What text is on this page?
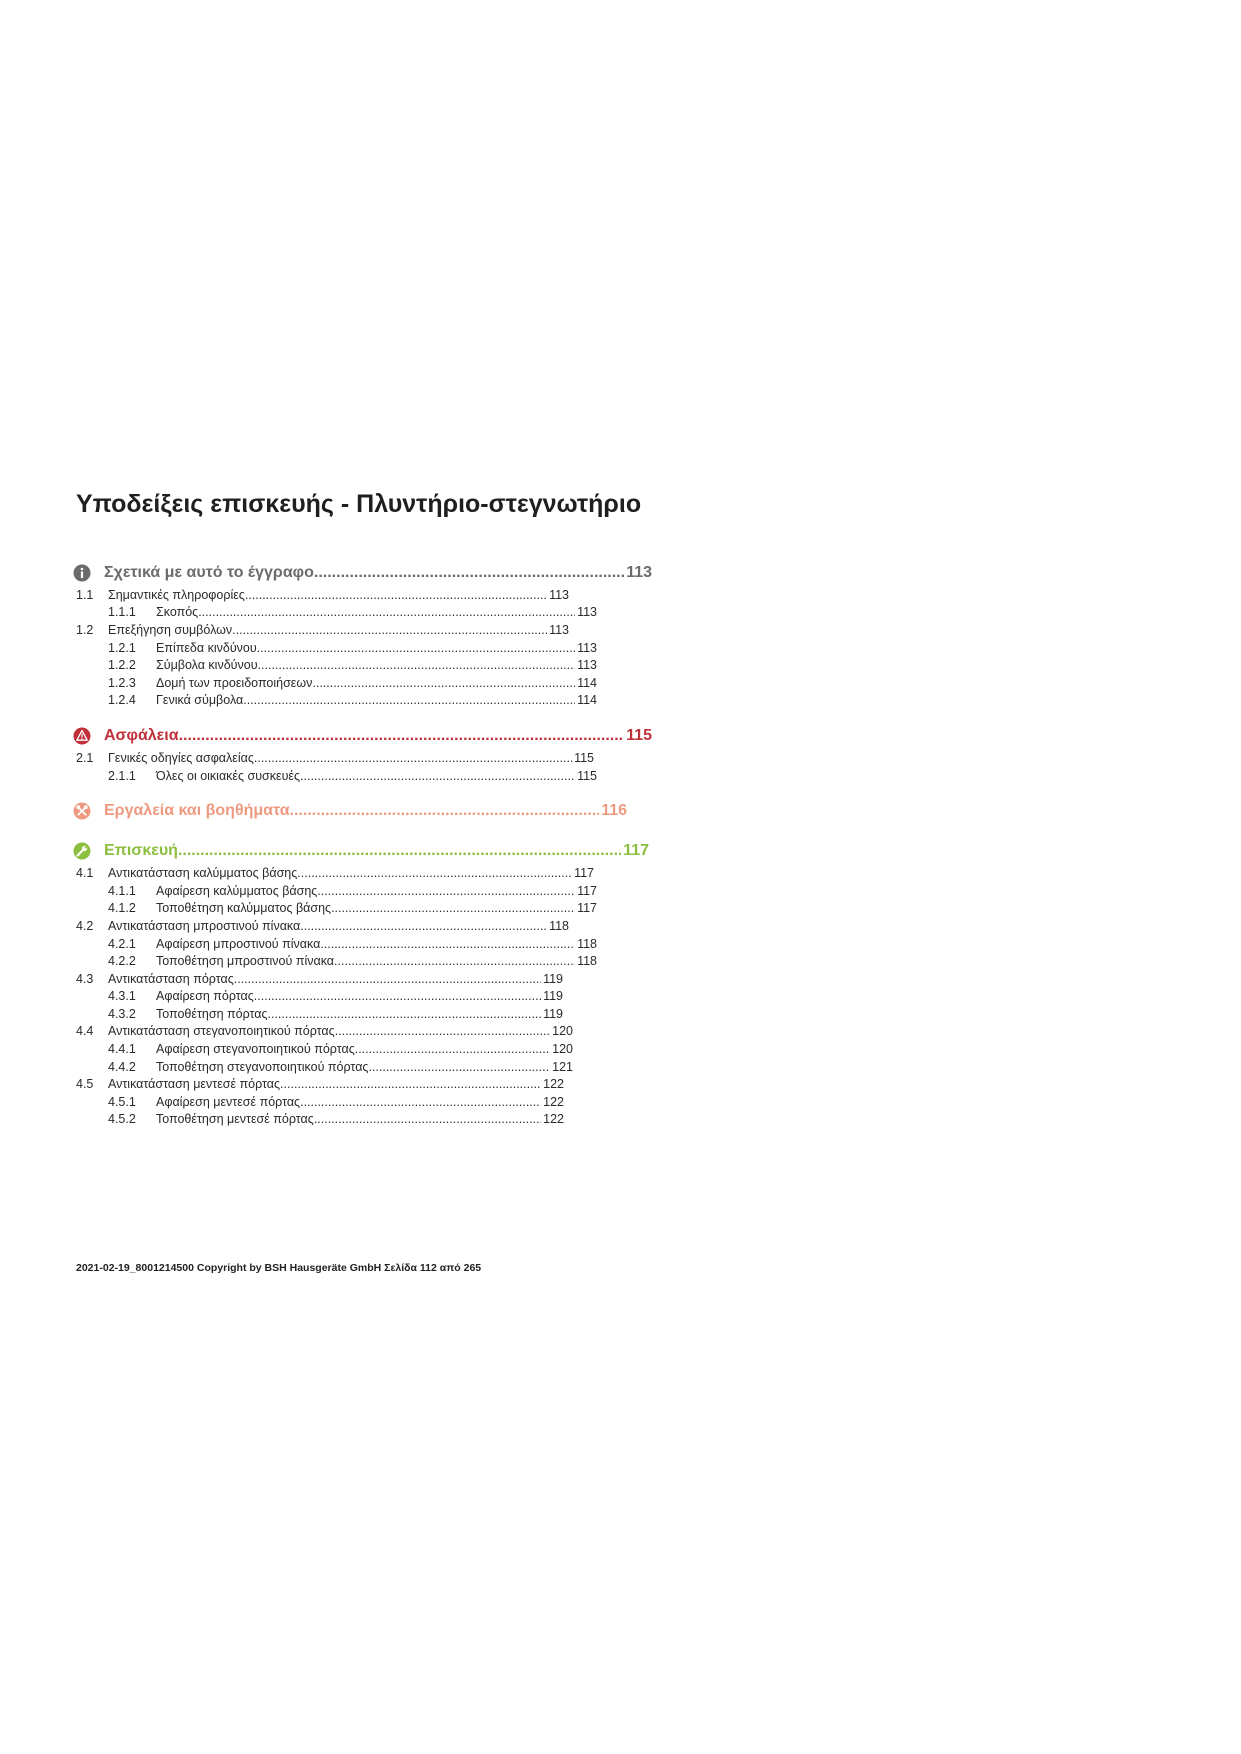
Υποδείξεις επισκευής - Πλυντήριο-στεγνωτήριο
Σχετικά με αυτό το έγγραφο .....	113
1.1	Σημαντικές πληροφορίες .....	113
1.1.1	Σκοπός .....	113
1.2	Επεξήγηση συμβόλων .....	113
1.2.1	Επίπεδα κινδύνου .....	113
1.2.2	Σύμβολα κινδύνου .....	113
1.2.3	Δομή των προειδοποιήσεων .....	114
1.2.4	Γενικά σύμβολα .....	114
Ασφάλεια .....	115
2.1	Γενικές οδηγίες ασφαλείας .....	115
2.1.1	Όλες οι οικιακές συσκευές .....	115
Εργαλεία και βοηθήματα .....	116
Επισκευή .....	117
4.1	Αντικατάσταση καλύμματος βάσης .....	117
4.1.1	Αφαίρεση καλύμματος βάσης .....	117
4.1.2	Τοποθέτηση καλύμματος βάσης .....	117
4.2	Αντικατάσταση μπροστινού πίνακα .....	118
4.2.1	Αφαίρεση μπροστινού πίνακα .....	118
4.2.2	Τοποθέτηση μπροστινού πίνακα .....	118
4.3	Αντικατάσταση πόρτας .....	119
4.3.1	Αφαίρεση πόρτας .....	119
4.3.2	Τοποθέτηση πόρτας .....	119
4.4	Αντικατάσταση στεγανοποιητικού πόρτας .....	120
4.4.1	Αφαίρεση στεγανοποιητικού πόρτας .....	120
4.4.2	Τοποθέτηση στεγανοποιητικού πόρτας .....	121
4.5	Αντικατάσταση μεντεσέ πόρτας .....	122
4.5.1	Αφαίρεση μεντεσέ πόρτας .....	122
4.5.2	Τοποθέτηση μεντεσέ πόρτας .....	122
2021-02-19_8001214500 Copyright by BSH Hausgeräte GmbH Σελίδα 112 από 265
